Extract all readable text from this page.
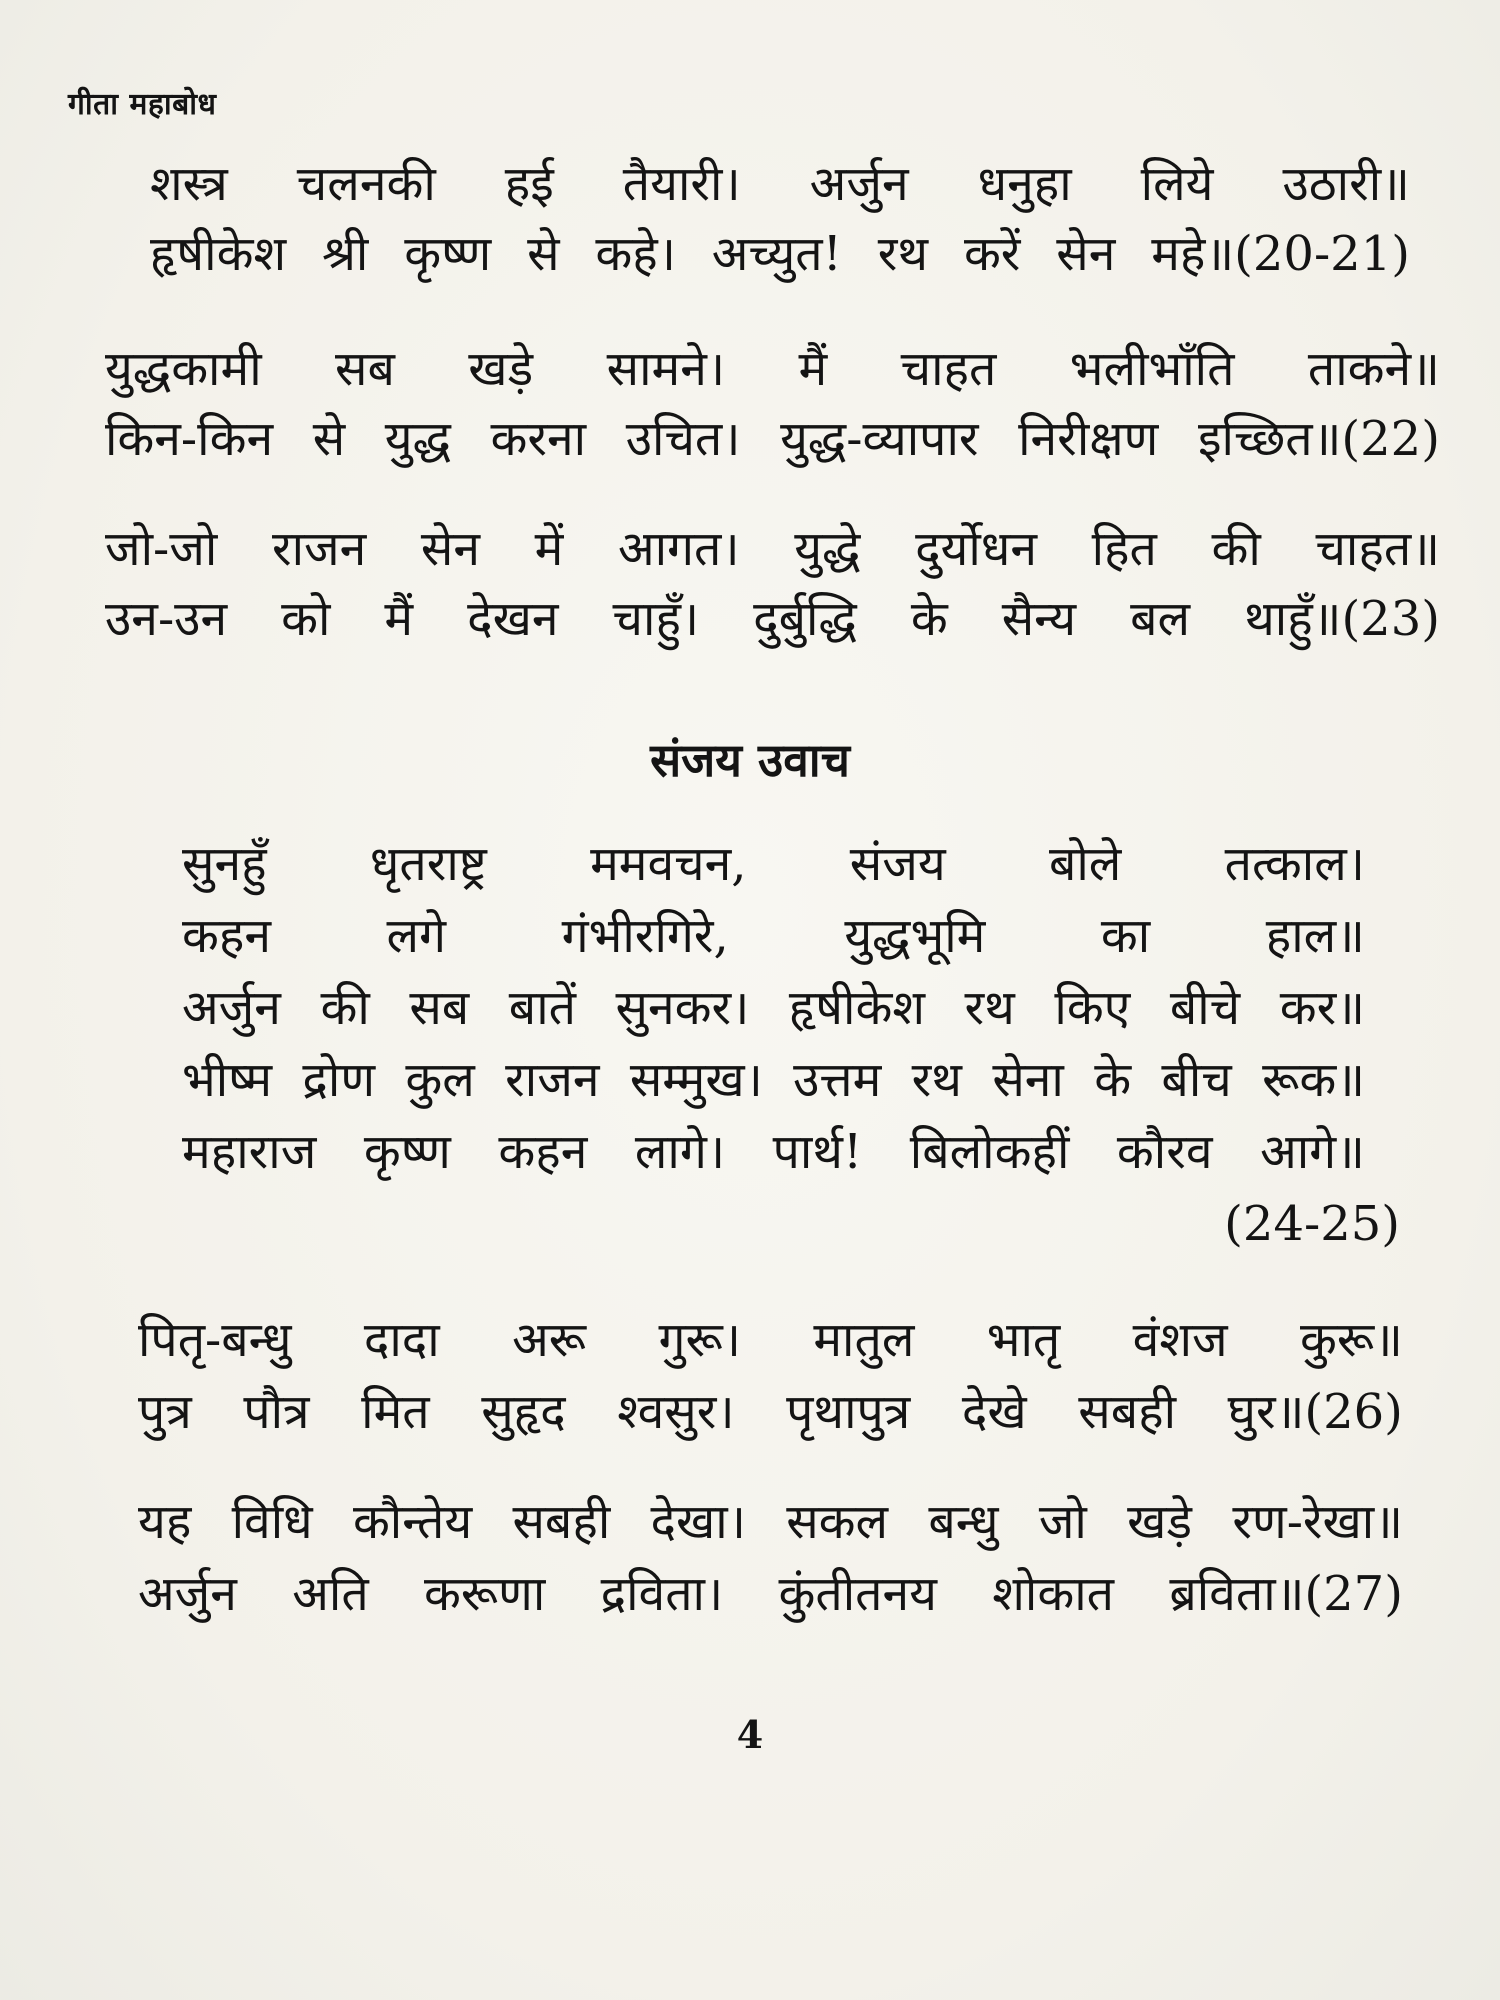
गीता महाबोध
शस्त्र चलनकी हई तैयारी। अर्जुन धनुहा लिये उठारी॥
हृषीकेश श्री कृष्ण से कहे। अच्युत! रथ करें सेन महे॥(20-21)
युद्धकामी सब खड़े सामने। मैं चाहत भलीभाँति ताकने॥
किन-किन से युद्ध करना उचित। युद्ध-व्यापार निरीक्षण इच्छित॥(22)
जो-जो राजन सेन में आगत। युद्धे दुर्योधन हित की चाहत॥
उन-उन को मैं देखन चाहुँ। दुर्बुद्धि के सैन्य बल थाहुँ॥(23)
संजय उवाच
सुनहुँ धृतराष्ट्र ममवचन, संजय बोले तत्काल।
कहन लगे गंभीरगिरे, युद्धभूमि का हाल॥
अर्जुन की सब बातें सुनकर। हृषीकेश रथ किए बीचे कर॥
भीष्म द्रोण कुल राजन सम्मुख। उत्तम रथ सेना के बीच रूक॥
महाराज कृष्ण कहन लागे। पार्थ! बिलोकहीं कौरव आगे॥
(24-25)
पितृ-बन्धु दादा अरू गुरू। मातुल भातृ वंशज कुरू॥
पुत्र पौत्र मित सुहृद श्वसुर। पृथापुत्र देखे सबही घुर॥(26)
यह विधि कौन्तेय सबही देखा। सकल बन्धु जो खड़े रण-रेखा॥
अर्जुन अति करूणा द्रविता। कुंतीतनय शोकात ब्रविता॥(27)
4
